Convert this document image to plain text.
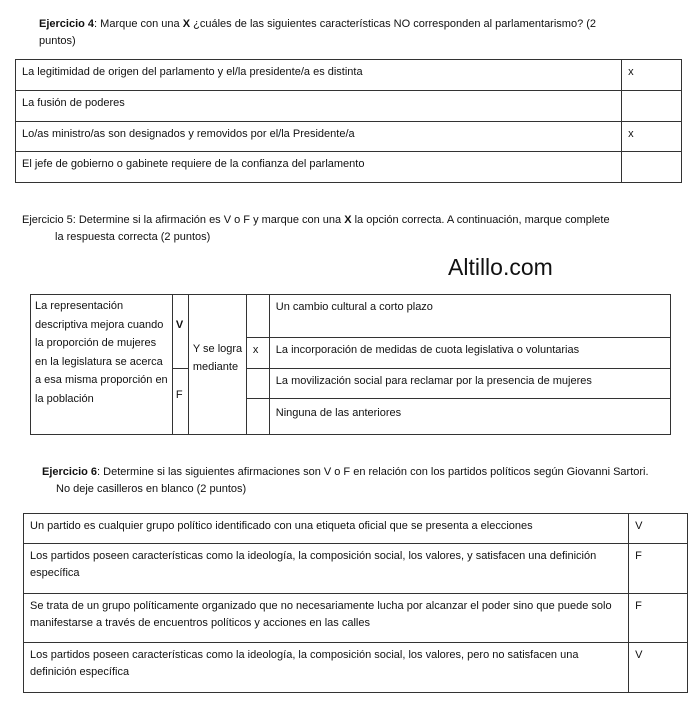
Ejercicio 4: Marque con una X ¿cuáles de las siguientes características NO corresponden al parlamentarismo? (2
puntos)
La legitimidad de origen del parlamento y el/la presidente/a es distinta	x
La fusión de poderes	
Lo/as ministro/as son designados y removidos por el/la Presidente/a	x
El jefe de gobierno o gabinete requiere de la confianza del parlamento	
Ejercicio 5: Determine si la afirmación es V o F y marque con una X la opción correcta. A continuación, marque complete
la respuesta correcta (2 puntos)
Altillo.com
La representación descriptiva mejora cuando la proporción de mujeres en la legislatura se acerca a esa misma proporción en la población	V	Y se logra mediante		Un cambio cultural a corto plazo
			x	La incorporación de medidas de cuota legislativa o voluntarias
	F			La movilización social para reclamar por la presencia de mujeres
				Ninguna de las anteriores
Ejercicio 6: Determine si las siguientes afirmaciones son V o F en relación con los partidos políticos según Giovanni Sartori.
No deje casilleros en blanco (2 puntos)
Un partido es cualquier grupo político identificado con una etiqueta oficial que se presenta a elecciones	V
Los partidos poseen características como la ideología, la composición social, los valores, y satisfacen una definición específica	F
Se trata de un grupo políticamente organizado que no necesariamente lucha por alcanzar el poder sino que puede solo manifestarse a través de encuentros políticos y acciones en las calles	F
Los partidos poseen características como la ideología, la composición social, los valores, pero no satisfacen una definición específica	V
